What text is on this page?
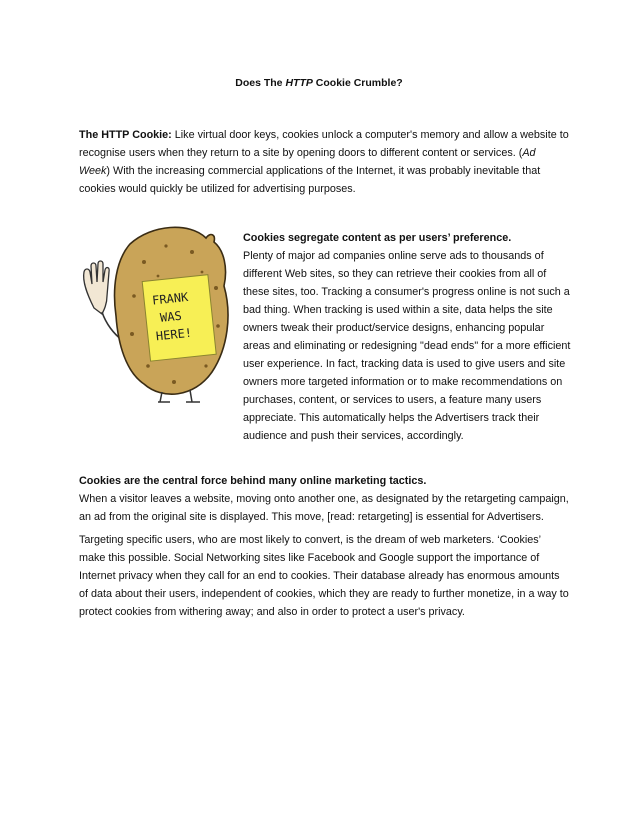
Does The HTTP Cookie Crumble?

The HTTP Cookie: Like virtual door keys, cookies unlock a computer's memory and allow a website to recognise users when they return to a site by opening doors to different content or services. (Ad Week) With the increasing commercial applications of the Internet, it was probably inevitable that cookies would quickly be utilized for advertising purposes.

FRANK
WAS
HERE!
Cookies segregate content as per users’ preference.
Plenty of major ad companies online serve ads to thousands of different Web sites, so they can retrieve their cookies from all of these sites, too. Tracking a consumer's progress online is not such a bad thing. When tracking is used within a site, data helps the site owners tweak their product/service designs, enhancing popular areas and eliminating or redesigning "dead ends" for a more efficient user experience. In fact, tracking data is used to give users and site owners more targeted information or to make recommendations on purchases, content, or services to users, a feature many users appreciate. This automatically helps the Advertisers track their audience and push their services, accordingly.

Cookies are the central force behind many online marketing tactics.
When a visitor leaves a website, moving onto another one, as designated by the retargeting campaign, an ad from the original site is displayed. This move, [read: retargeting] is essential for Advertisers.

Targeting specific users, who are most likely to convert, is the dream of web marketers. ‘Cookies’ make this possible. Social Networking sites like Facebook and Google support the importance of Internet privacy when they call for an end to cookies. Their database already has enormous amounts of data about their users, independent of cookies, which they are ready to further monetize, in a way to protect cookies from withering away; and also in order to protect a user's privacy.
